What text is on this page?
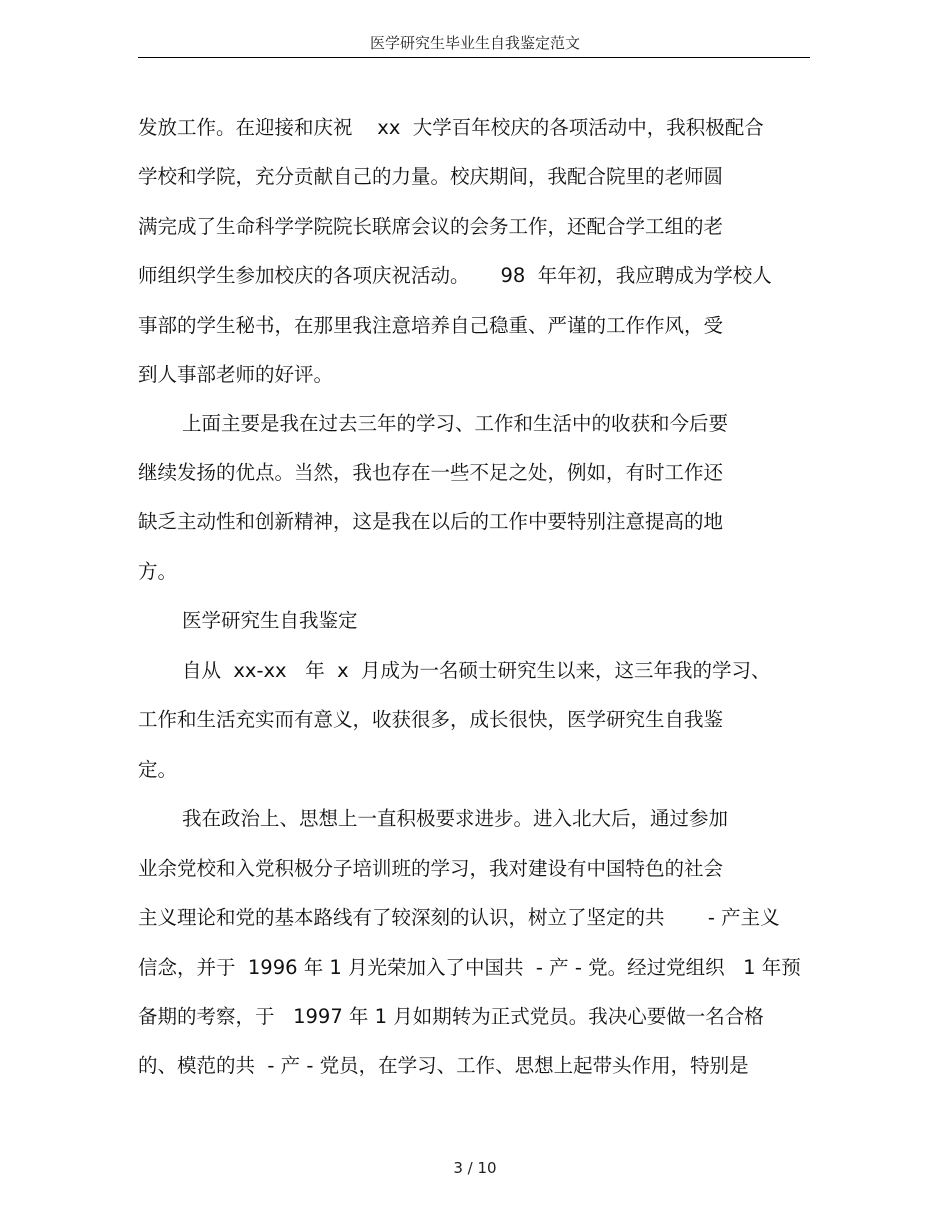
医学研究生毕业生自我鉴定范文
发放工作。在迎接和庆祝    xx  大学百年校庆的各项活动中，我积极配合
学校和学院，充分贡献自己的力量。校庆期间，我配合院里的老师圆
满完成了生命科学学院院长联席会议的会务工作，还配合学工组的老
师组织学生参加校庆的各项庆祝活动。     98  年年初，我应聘成为学校人
事部的学生秘书，在那里我注意培养自己稳重、严谨的工作作风，受
到人事部老师的好评。
上面主要是我在过去三年的学习、工作和生活中的收获和今后要
继续发扬的优点。当然，我也存在一些不足之处，例如，有时工作还
缺乏主动性和创新精神，这是我在以后的工作中要特别注意提高的地
方。
医学研究生自我鉴定
自从  xx-xx   年  x  月成为一名硕士研究生以来，这三年我的学习、
工作和生活充实而有意义，收获很多，成长很快，医学研究生自我鉴
定。
我在政治上、思想上一直积极要求进步。进入北大后，通过参加
业余党校和入党积极分子培训班的学习，我对建设有中国特色的社会
主义理论和党的基本路线有了较深刻的认识，树立了坚定的共       - 产主义
信念，并于  1996 年 1 月光荣加入了中国共  - 产 - 党。经过党组织   1 年预
备期的考察，于   1997 年 1 月如期转为正式党员。我决心要做一名合格
的、模范的共  - 产 - 党员，在学习、工作、思想上起带头作用，特别是
3 / 10
